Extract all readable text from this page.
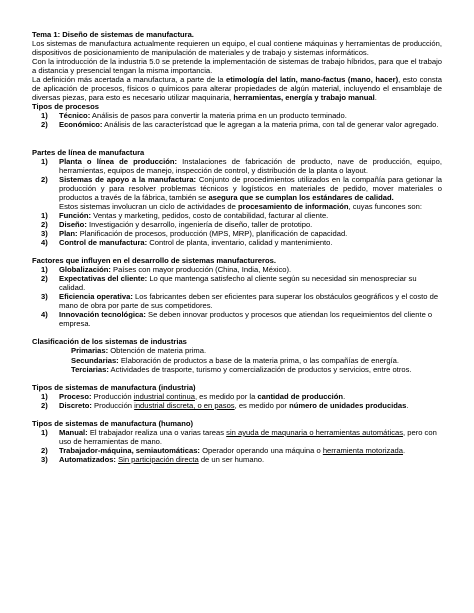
Tema 1: Diseño de sistemas de manufactura.

Los sistemas de manufactura actualmente requieren un equipo, el cual contiene máquinas y herramientas de producción, dispositivos de posicionamiento de manipulación de materiales y de trabajo y sistemas informáticos.

Con la introducción de la industria 5.0 se pretende la implementación de sistemas de trabajo híbridos, para que el trabajo a distancia y presencial tengan la misma importancia.

La definición más acertada a manufactura, a parte de la etimología del latín, mano-factus (mano, hacer), esto consta de aplicación de procesos, físicos o químicos para alterar propiedades de algún material, incluyendo el ensamblaje de diversas piezas, para esto es necesario utilizar maquinaria, herramientas, energía y trabajo manual.

Tipos de procesos

1) Técnico: Análisis de pasos para convertir la materia prima en un producto terminado.
2) Económico: Análisis de las característcad que le agregan a la materia prima, con tal de generar valor agregado.

Partes de línea de manufactura

1) Planta o línea de producción: Instalaciones de fabricación de producto, nave de producción, equipo, herramientas, equipos de manejo, inspección de control, y distribución de la planta o layout.
2) Sistemas de apoyo a la manufactura: Conjunto de procedimientos utilizados en la compañía para getionar la producción y para resolver problemas técnicos y logísticos en materiales de pedido, mover materiales o productos a través de la fábrica, también se asegura que se cumplan los estándares de calidad.

Estos sistemas involucran un ciclo de actividades de procesamiento de información, cuyas funcones son:

1) Función: Ventas y marketing, pedidos, costo de contabilidad, facturar al cliente.
2) Diseño: Investigación y desarrollo, ingeniería de diseño, taller de prototipo.
3) Plan: Planificación de procesos, producción (MPS, MRP), planificación de capacidad.
4) Control de manufactura: Control de planta, inventario, calidad y mantenimiento.

Factores que influyen en el desarrollo de sistemas manufactureros.

1) Globalización: Países con mayor producción (China, India, México).
2) Expectativas del cliente: Lo que mantenga satisfecho al cliente según su necesidad sin menospreciar su calidad.
3) Eficiencia operativa: Los fabricantes deben ser eficientes para superar los obstáculos geográficos y el costo de mano de obra por parte de sus competidores.
4) Innovación tecnológica: Se deben innovar productos y procesos que atiendan los requeimientos del cliente o empresa.

Clasificación de los sistemas de industrias

Primarias: Obtención de materia prima.

Secundarias: Elaboración de productos a base de la materia prima, o las compañías de energía.

Terciarias: Actividades de trasporte, turismo y comercialización de productos y servicios, entre otros.

Tipos de sistemas de manufactura (industria)

1) Proceso: Producción industrial continua, es medido por la cantidad de producción.
2) Discreto: Producción industrial discreta, o en pasos, es medido por número de unidades producidas.

Tipos de sistemas de manufactura (humano)

1) Manual: El trabajador realiza una o varias tareas sin ayuda de maqunaria o herramientas automáticas, pero con uso de herramientas de mano.
2) Trabajador-máquina, semiautomáticas: Operador operando una máquina o herramienta motorizada.
3) Automatizados: Sin participación directa de un ser humano.
